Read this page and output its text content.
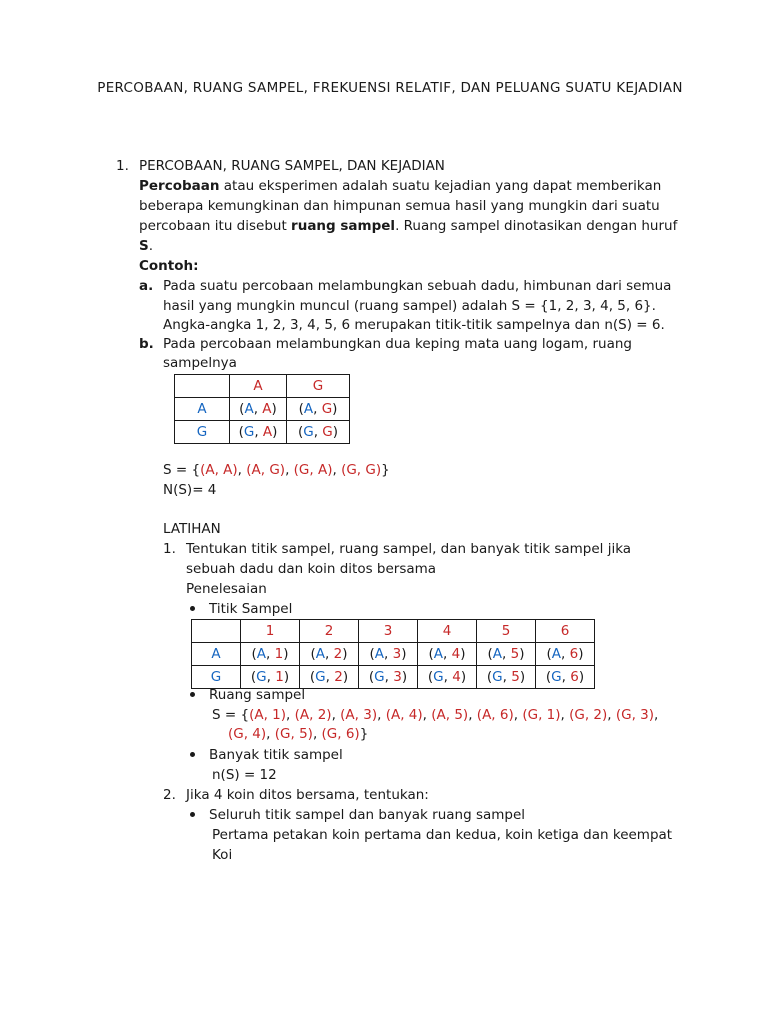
PERCOBAAN, RUANG SAMPEL, FREKUENSI RELATIF, DAN PELUANG SUATU KEJADIAN
1. PERCOBAAN, RUANG SAMPEL, DAN KEJADIAN
Percobaan atau eksperimen adalah suatu kejadian yang dapat memberikan
beberapa kemungkinan dan himpunan semua hasil yang mungkin dari suatu
percobaan itu disebut ruang sampel. Ruang sampel dinotasikan dengan huruf
S.
Contoh:
a. Pada suatu percobaan melambungkan sebuah dadu, himbunan dari semua
hasil yang mungkin muncul (ruang sampel) adalah S = {1, 2, 3, 4, 5, 6}.
Angka-angka 1, 2, 3, 4, 5, 6 merupakan titik-titik sampelnya dan n(S) = 6.
b. Pada percobaan melambungkan dua keping mata uang logam, ruang
sampelnya
	A	G
A	(A, A)	(A, G)
G	(G, A)	(G, G)
S = {(A, A), (A, G), (G, A), (G, G)}
N(S)= 4
LATIHAN
1. Tentukan titik sampel, ruang sampel, dan banyak titik sampel jika
sebuah dadu dan koin ditos bersama
Penelesaian
Titik Sampel
	1	2	3	4	5	6
A	(A, 1)	(A, 2)	(A, 3)	(A, 4)	(A, 5)	(A, 6)
G	(G, 1)	(G, 2)	(G, 3)	(G, 4)	(G, 5)	(G, 6)
Ruang sampel
S = {(A, 1), (A, 2), (A, 3), (A, 4), (A, 5), (A, 6), (G, 1), (G, 2), (G, 3),
(G, 4), (G, 5), (G, 6)}
Banyak titik sampel
n(S) = 12
2. Jika 4 koin ditos bersama, tentukan:
Seluruh titik sampel dan banyak ruang sampel
Pertama petakan koin pertama dan kedua, koin ketiga dan keempat
Koi
